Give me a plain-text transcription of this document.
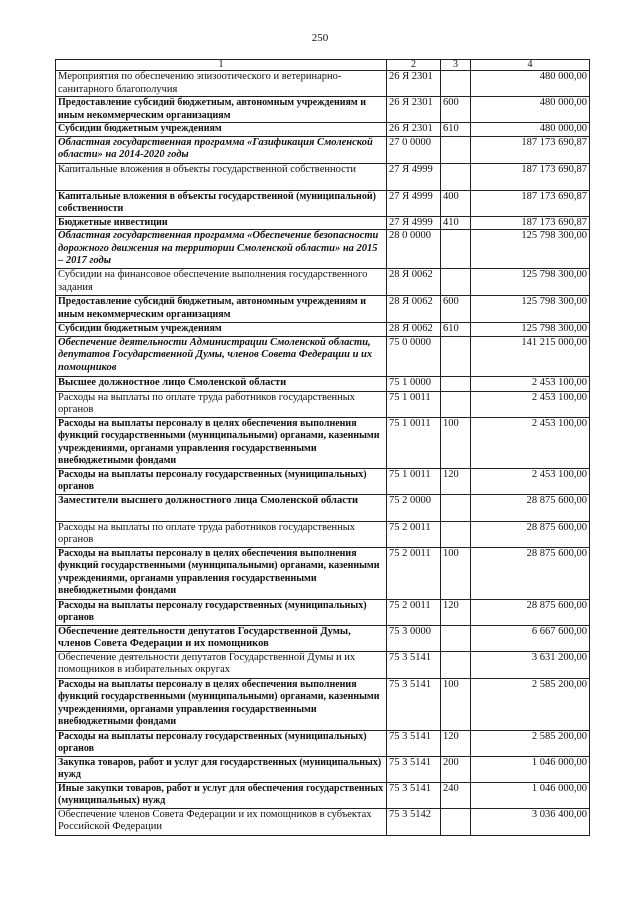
250
1	2	3	4
Мероприятия по обеспечению эпизоотического и ветеринарно-санитарного благополучия	26 Я 2301		480 000,00
Предоставление субсидий бюджетным, автономным учреждениям и иным некоммерческим организациям	26 Я 2301	600	480 000,00
Субсидии бюджетным учреждениям	26 Я 2301	610	480 000,00
Областная государственная программа «Газификация Смоленской области» на 2014-2020 годы	27 0 0000		187 173 690,87
Капитальные вложения в объекты государственной собственности	27 Я 4999		187 173 690,87
Капитальные вложения в объекты государственной (муниципальной) собственности	27 Я 4999	400	187 173 690,87
Бюджетные инвестиции	27 Я 4999	410	187 173 690,87
Областная государственная программа «Обеспечение безопасности дорожного движения на территории Смоленской области» на 2015 – 2017 годы	28 0 0000		125 798 300,00
Субсидии на финансовое обеспечение выполнения государственного задания	28 Я 0062		125 798 300,00
Предоставление субсидий бюджетным, автономным учреждениям и иным некоммерческим организациям	28 Я 0062	600	125 798 300,00
Субсидии бюджетным учреждениям	28 Я 0062	610	125 798 300,00
Обеспечение деятельности Администрации Смоленской области, депутатов Государственной Думы, членов Совета Федерации и их помощников	75 0 0000		141 215 000,00
Высшее должностное лицо Смоленской области	75 1 0000		2 453 100,00
Расходы на выплаты по оплате труда работников государственных органов	75 1 0011		2 453 100,00
Расходы на выплаты персоналу в целях обеспечения выполнения функций государственными (муниципальными) органами, казенными учреждениями, органами управления государственными внебюджетными фондами	75 1 0011	100	2 453 100,00
Расходы на выплаты персоналу государственных (муниципальных) органов	75 1 0011	120	2 453 100,00
Заместители высшего должностного лица Смоленской области	75 2 0000		28 875 600,00
Расходы на выплаты по оплате труда работников государственных органов	75 2 0011		28 875 600,00
Расходы на выплаты персоналу в целях обеспечения выполнения функций государственными (муниципальными) органами, казенными учреждениями, органами управления государственными внебюджетными фондами	75 2 0011	100	28 875 600,00
Расходы на выплаты персоналу государственных (муниципальных) органов	75 2 0011	120	28 875 600,00
Обеспечение деятельности депутатов Государственной Думы, членов Совета Федерации и их помощников	75 3 0000		6 667 600,00
Обеспечение деятельности депутатов Государственной Думы и их помощников в избирательных округах	75 3 5141		3 631 200,00
Расходы на выплаты персоналу в целях обеспечения выполнения функций государственными (муниципальными) органами, казенными учреждениями, органами управления государственными внебюджетными фондами	75 3 5141	100	2 585 200,00
Расходы на выплаты персоналу государственных (муниципальных) органов	75 3 5141	120	2 585 200,00
Закупка товаров, работ и услуг для государственных (муниципальных) нужд	75 3 5141	200	1 046 000,00
Иные закупки товаров, работ и услуг для обеспечения государственных (муниципальных) нужд	75 3 5141	240	1 046 000,00
Обеспечение членов Совета Федерации и их помощников в субъектах Российской Федерации	75 3 5142		3 036 400,00
